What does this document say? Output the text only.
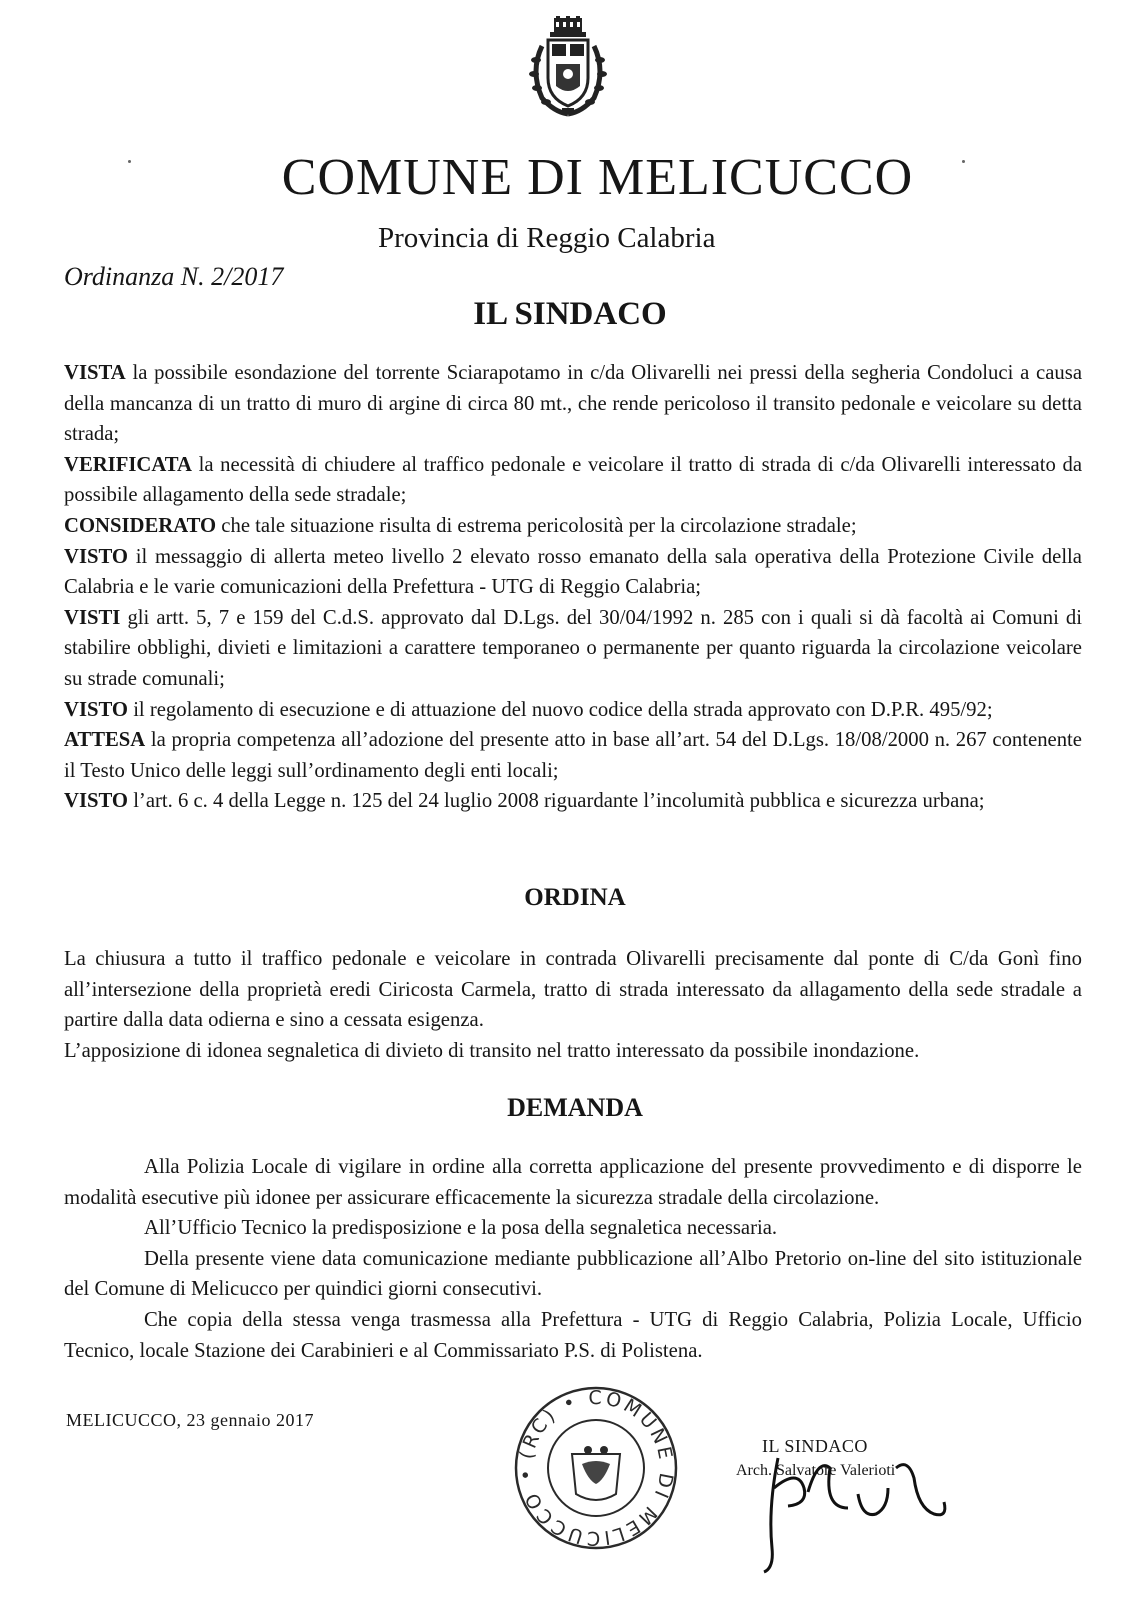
COMUNE DI MELICUCCO
Provincia di Reggio Calabria
Ordinanza N. 2/2017
IL SINDACO

VISTA la possibile esondazione del torrente Sciarapotamo in c/da Olivarelli nei pressi della segheria Condoluci a causa della mancanza di un tratto di muro di argine di circa 80 mt., che rende pericoloso il transito pedonale e veicolare su detta strada;

VERIFICATA la necessità di chiudere al traffico pedonale e veicolare il tratto di strada di c/da Olivarelli interessato da possibile allagamento della sede stradale;

CONSIDERATO che tale situazione risulta di estrema pericolosità per la circolazione stradale;

VISTO il messaggio di allerta meteo livello 2 elevato rosso emanato della sala operativa della Protezione Civile della Calabria e le varie comunicazioni della Prefettura - UTG di Reggio Calabria;

VISTI gli artt. 5, 7 e 159 del C.d.S. approvato dal D.Lgs. del 30/04/1992 n. 285 con i quali si dà facoltà ai Comuni di stabilire obblighi, divieti e limitazioni a carattere temporaneo o permanente per quanto riguarda la circolazione veicolare su strade comunali;

VISTO il regolamento di esecuzione e di attuazione del nuovo codice della strada approvato con D.P.R. 495/92;

ATTESA la propria competenza all’adozione del presente atto in base all’art. 54 del D.Lgs. 18/08/2000 n. 267 contenente il Testo Unico delle leggi sull’ordinamento degli enti locali;

VISTO l’art. 6 c. 4 della Legge n. 125 del 24 luglio 2008 riguardante l’incolumità pubblica e sicurezza urbana;

ORDINA

La chiusura a tutto il traffico pedonale e veicolare in contrada Olivarelli precisamente dal ponte di C/da Gonì fino all’intersezione della proprietà eredi Ciricosta Carmela, tratto di strada interessato da allagamento della sede stradale a partire dalla data odierna e sino a cessata esigenza.

L’apposizione di idonea segnaletica di divieto di transito nel tratto interessato da possibile inondazione.

DEMANDA

Alla Polizia Locale di vigilare in ordine alla corretta applicazione del presente provvedimento e di disporre le modalità esecutive più idonee per assicurare efficacemente la sicurezza stradale della circolazione.

All’Ufficio Tecnico la predisposizione e la posa della segnaletica necessaria.

Della presente viene data comunicazione mediante pubblicazione all’Albo Pretorio on-line del sito istituzionale del Comune di Melicucco per quindici giorni consecutivi.

Che copia della stessa venga trasmessa alla Prefettura - UTG di Reggio Calabria, Polizia Locale, Ufficio Tecnico, locale Stazione dei Carabinieri e al Commissariato P.S. di Polistena.

MELICUCCO, 23 gennaio 2017
(RC) • COMUNE DI MELICUCCO •
IL SINDACO
Arch. Salvatore Valerioti
